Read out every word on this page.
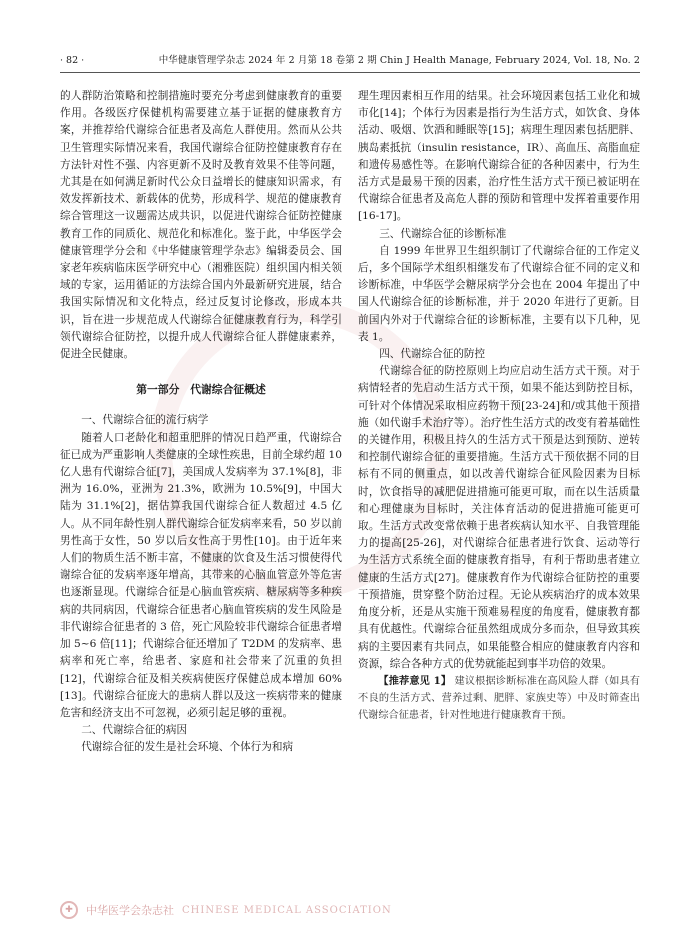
· 82 ·	中华健康管理学杂志 2024 年 2 月第 18 卷第 2 期 Chin J Health Manage, February 2024, Vol. 18, No. 2

的人群防治策略和控制措施时要充分考虑到健康教育的重要作用。各级医疗保健机构需要建立基于证据的健康教育方案，并推荐给代谢综合征患者及高危人群使用。然而从公共卫生管理实际情况来看，我国代谢综合征防控健康教育存在方法针对性不强、内容更新不及时及教育效果不佳等问题，尤其是在如何满足新时代公众日益增长的健康知识需求，有效发挥新技术、新载体的优势，形成科学、规范的健康教育综合管理这一议题需达成共识，以促进代谢综合征防控健康教育工作的同质化、规范化和标准化。鉴于此，中华医学会健康管理学分会和《中华健康管理学杂志》编辑委员会、国家老年疾病临床医学研究中心（湘雅医院）组织国内相关领域的专家，运用循证的方法综合国内外最新研究进展，结合我国实际情况和文化特点，经过反复讨论修改，形成本共识，旨在进一步规范成人代谢综合征健康教育行为，科学引领代谢综合征防控，以提升成人代谢综合征人群健康素养，促进全民健康。

第一部分　代谢综合征概述

一、代谢综合征的流行病学

随着人口老龄化和超重肥胖的情况日趋严重，代谢综合征已成为严重影响人类健康的全球性疾患，目前全球约超 10 亿人患有代谢综合征[7]，美国成人发病率为 37.1%[8]，非洲为 16.0%，亚洲为 21.3%，欧洲为 10.5%[9]，中国大陆为 31.1%[2]，据估算我国代谢综合征人数超过 4.5 亿人。从不同年龄性别人群代谢综合征发病率来看，50 岁以前男性高于女性，50 岁以后女性高于男性[10]。由于近年来人们的物质生活不断丰富，不健康的饮食及生活习惯使得代谢综合征的发病率逐年增高，其带来的心脑血管意外等危害也逐渐显现。代谢综合征是心脑血管疾病、糖尿病等多种疾病的共同病因，代谢综合征患者心脑血管疾病的发生风险是非代谢综合征患者的 3 倍，死亡风险较非代谢综合征患者增加 5~6 倍[11]；代谢综合征还增加了 T2DM 的发病率、患病率和死亡率，给患者、家庭和社会带来了沉重的负担[12]，代谢综合征及相关疾病使医疗保健总成本增加 60%[13]。代谢综合征庞大的患病人群以及这一疾病带来的健康危害和经济支出不可忽视，必须引起足够的重视。

二、代谢综合征的病因

代谢综合征的发生是社会环境、个体行为和病

理生理因素相互作用的结果。社会环境因素包括工业化和城市化[14]；个体行为因素是指行为生活方式，如饮食、身体活动、吸烟、饮酒和睡眠等[15]；病理生理因素包括肥胖、胰岛素抵抗（insulin resistance，IR）、高血压、高脂血症和遗传易感性等。在影响代谢综合征的各种因素中，行为生活方式是最易干预的因素，治疗性生活方式干预已被证明在代谢综合征患者及高危人群的预防和管理中发挥着重要作用[16-17]。

三、代谢综合征的诊断标准

自 1999 年世界卫生组织制订了代谢综合征的工作定义后，多个国际学术组织相继发布了代谢综合征不同的定义和诊断标准，中华医学会糖尿病学分会也在 2004 年提出了中国人代谢综合征的诊断标准，并于 2020 年进行了更新。目前国内外对于代谢综合征的诊断标准，主要有以下几种，见表 1。

四、代谢综合征的防控

代谢综合征的防控原则上均应启动生活方式干预。对于病情轻者的先启动生活方式干预，如果不能达到防控目标，可针对个体情况采取相应药物干预[23-24]和/或其他干预措施（如代谢手术治疗等）。治疗性生活方式的改变有着基础性的关键作用，积极且持久的生活方式干预是达到预防、逆转和控制代谢综合征的重要措施。生活方式干预依据不同的目标有不同的侧重点，如以改善代谢综合征风险因素为目标时，饮食指导的减肥促进措施可能更可取，而在以生活质量和心理健康为目标时，关注体育活动的促进措施可能更可取。生活方式改变常依赖于患者疾病认知水平、自我管理能力的提高[25-26]，对代谢综合征患者进行饮食、运动等行为生活方式系统全面的健康教育指导，有利于帮助患者建立健康的生活方式[27]。健康教育作为代谢综合征防控的重要干预措施，贯穿整个防治过程。无论从疾病治疗的成本效果角度分析，还是从实施干预难易程度的角度看，健康教育都具有优越性。代谢综合征虽然组成成分多而杂，但导致其疾病的主要因素有共同点，如果能整合相应的健康教育内容和资源，综合各种方式的优势就能起到事半功倍的效果。

【推荐意见 1】 建议根据诊断标准在高风险人群（如具有不良的生活方式、营养过剩、肥胖、家族史等）中及时筛查出代谢综合征患者，针对性地进行健康教育干预。

✚	中华医学会杂志社 CHINESE MEDICAL ASSOCIATION
